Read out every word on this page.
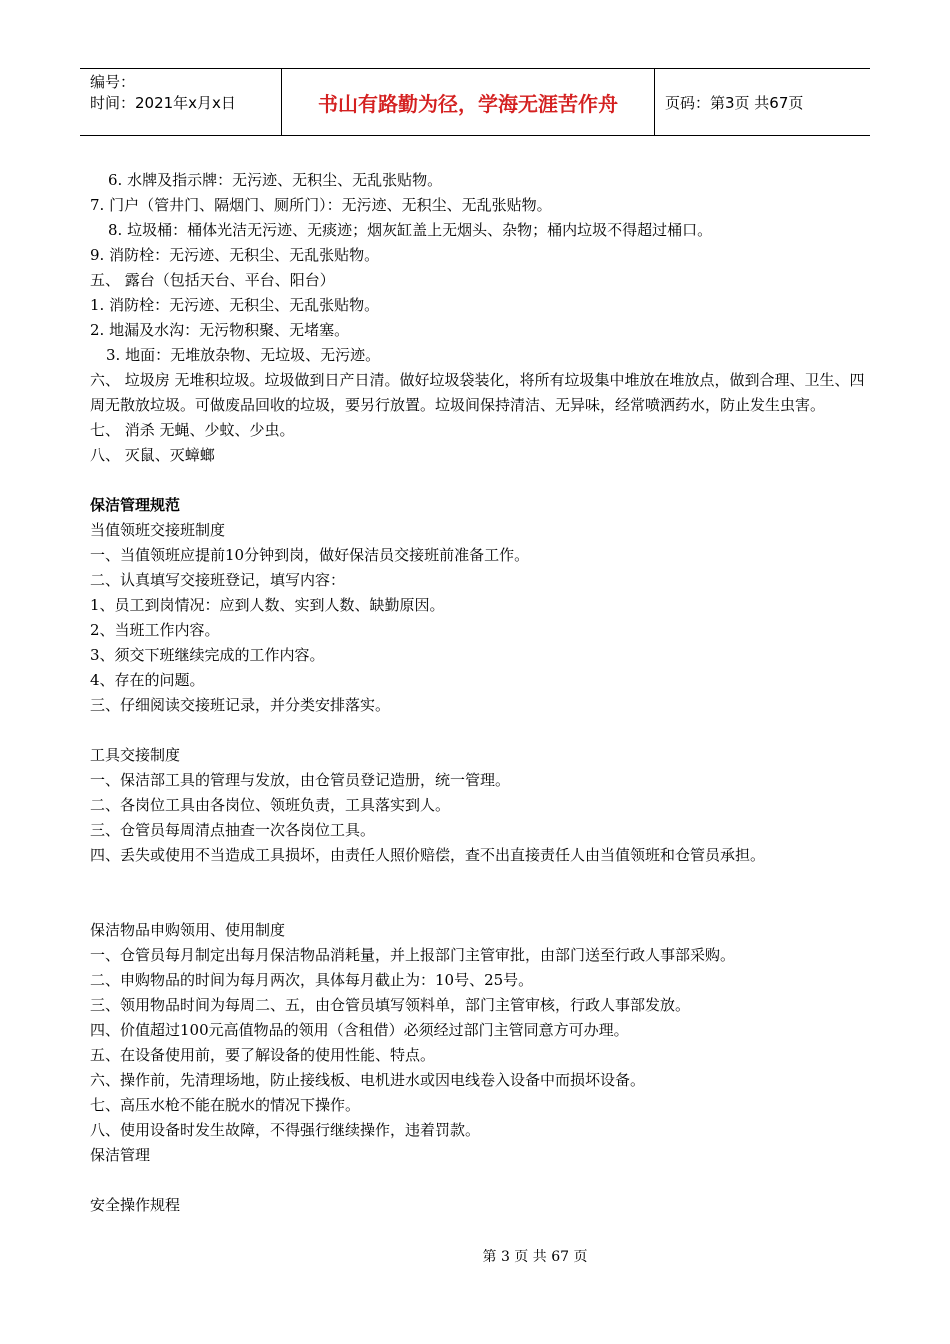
编号：
时间：2021年x月x日	书山有路勤为径，学海无涯苦作舟	页码：第3页 共67页

6. 水牌及指示牌：无污迹、无积尘、无乱张贴物。

7. 门户（管井门、隔烟门、厕所门）：无污迹、无积尘、无乱张贴物。

8. 垃圾桶：桶体光洁无污迹、无痰迹；烟灰缸盖上无烟头、杂物；桶内垃圾不得超过桶口。

9. 消防栓：无污迹、无积尘、无乱张贴物。

五、 露台（包括天台、平台、阳台）

1. 消防栓：无污迹、无积尘、无乱张贴物。

2. 地漏及水沟：无污物积聚、无堵塞。

3. 地面：无堆放杂物、无垃圾、无污迹。

六、 垃圾房 无堆积垃圾。垃圾做到日产日清。做好垃圾袋装化，将所有垃圾集中堆放在堆放点，做到合理、卫生、四周无散放垃圾。可做废品回收的垃圾，要另行放置。垃圾间保持清洁、无异味，经常喷洒药水，防止发生虫害。

七、 消杀 无蝇、少蚊、少虫。

八、 灭鼠、灭蟑螂

保洁管理规范

当值领班交接班制度

一、当值领班应提前10分钟到岗，做好保洁员交接班前准备工作。

二、认真填写交接班登记，填写内容：

1、员工到岗情况：应到人数、实到人数、缺勤原因。

2、当班工作内容。

3、须交下班继续完成的工作内容。

4、存在的问题。

三、仔细阅读交接班记录，并分类安排落实。

工具交接制度

一、保洁部工具的管理与发放，由仓管员登记造册，统一管理。

二、各岗位工具由各岗位、领班负责，工具落实到人。

三、仓管员每周清点抽查一次各岗位工具。

四、丢失或使用不当造成工具损坏，由责任人照价赔偿，查不出直接责任人由当值领班和仓管员承担。

保洁物品申购领用、使用制度

一、仓管员每月制定出每月保洁物品消耗量，并上报部门主管审批，由部门送至行政人事部采购。

二、申购物品的时间为每月两次，具体每月截止为：10号、25号。

三、领用物品时间为每周二、五，由仓管员填写领料单，部门主管审核，行政人事部发放。

四、价值超过100元高值物品的领用（含租借）必须经过部门主管同意方可办理。

五、在设备使用前，要了解设备的使用性能、特点。

六、操作前，先清理场地，防止接线板、电机进水或因电线卷入设备中而损坏设备。

七、高压水枪不能在脱水的情况下操作。

八、使用设备时发生故障，不得强行继续操作，违着罚款。

保洁管理

安全操作规程

第 3 页 共 67 页
